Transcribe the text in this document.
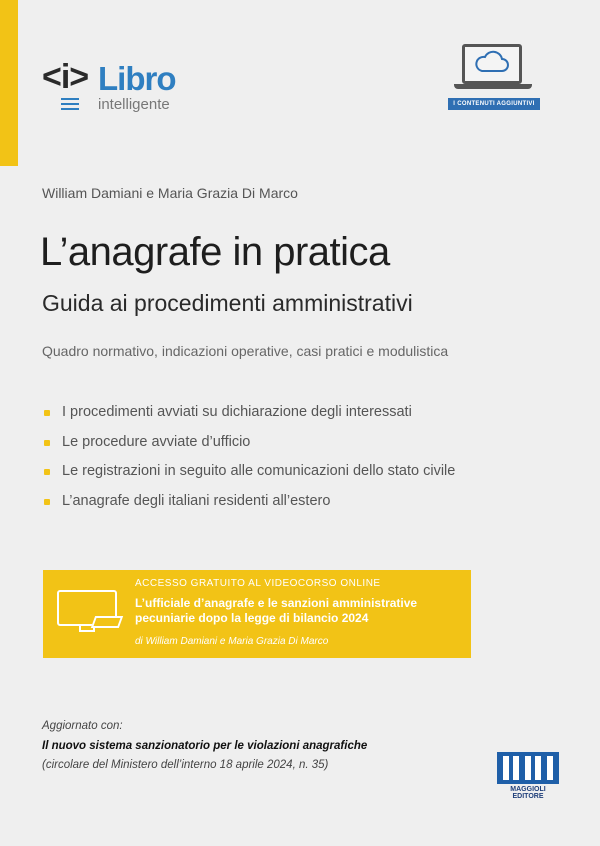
<i> Libro
intelligente	I CONTENUTI AGGIUNTIVI
William Damiani e Maria Grazia Di Marco
L’anagrafe in pratica
Guida ai procedimenti amministrativi
Quadro normativo, indicazioni operative, casi pratici e modulistica
I procedimenti avviati su dichiarazione degli interessati
Le procedure avviate d’ufficio
Le registrazioni in seguito alle comunicazioni dello stato civile
L’anagrafe degli italiani residenti all’estero
ACCESSO GRATUITO AL VIDEOCORSO ONLINE
L’ufficiale d’anagrafe e le sanzioni amministrative pecuniarie dopo la legge di bilancio 2024
di William Damiani e Maria Grazia Di Marco
Aggiornato con:
Il nuovo sistema sanzionatorio per le violazioni anagrafiche
(circolare del Ministero dell’interno 18 aprile 2024, n. 35)
MAGGIOLI EDITORE
